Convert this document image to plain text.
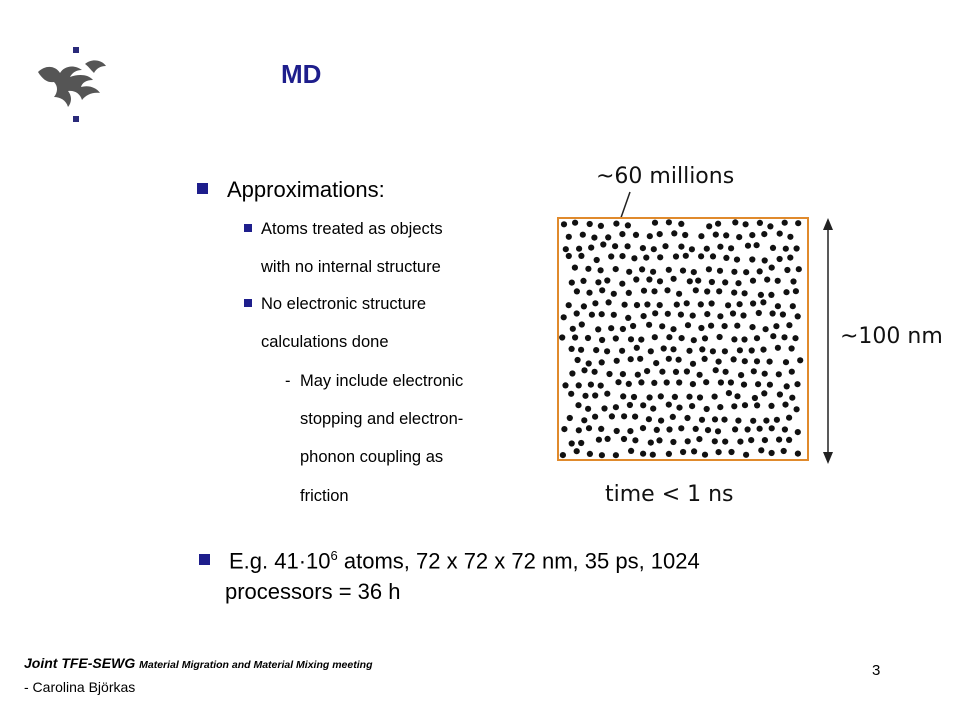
MD
Approximations:
Atoms treated as objects
with no internal structure
No electronic structure
calculations done
- May include electronic
stopping and electron-
phonon coupling as
friction
E.g. $41\cdot 10^6$ atoms, 72 x 72 x 72 nm, 35 ps, 1024
processors = 36 h
~60 millions
~100 nm
time < 1 ns
Joint TFE-SEWG Material Migration and Material Mixing meeting
- Carolina Björkas
3
